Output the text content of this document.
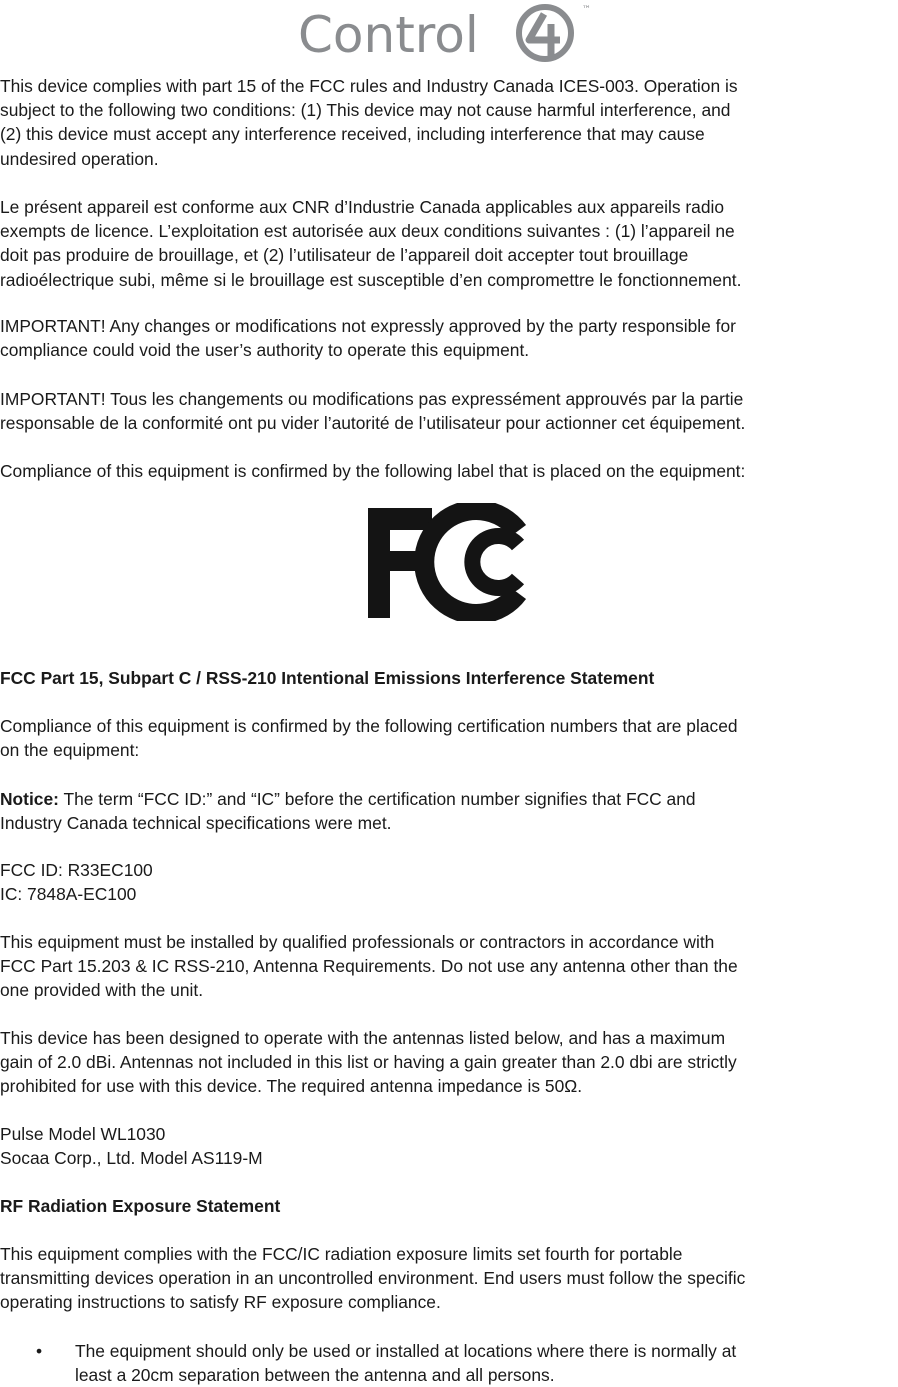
Control	™
This device complies with part 15 of the FCC rules and Industry Canada ICES-003. Operation is
subject to the following two conditions: (1) This device may not cause harmful interference, and
(2) this device must accept any interference received, including interference that may cause
undesired operation.
Le présent appareil est conforme aux CNR d’Industrie Canada applicables aux appareils radio
exempts de licence. L’exploitation est autorisée aux deux conditions suivantes : (1) l’appareil ne
doit pas produire de brouillage, et (2) l’utilisateur de l’appareil doit accepter tout brouillage
radioélectrique subi, même si le brouillage est susceptible d’en compromettre le fonctionnement.
IMPORTANT! Any changes or modifications not expressly approved by the party responsible for
compliance could void the user’s authority to operate this equipment.
IMPORTANT! Tous les changements ou modifications pas expressément approuvés par la partie
responsable de la conformité ont pu vider l’autorité de l’utilisateur pour actionner cet équipement.
Compliance of this equipment is confirmed by the following label that is placed on the equipment:
FCC Part 15, Subpart C / RSS-210 Intentional Emissions Interference Statement
Compliance of this equipment is confirmed by the following certification numbers that are placed
on the equipment:
Notice: The term “FCC ID:” and “IC” before the certification number signifies that FCC and
Industry Canada technical specifications were met.
FCC ID: R33EC100
IC: 7848A-EC100
This equipment must be installed by qualified professionals or contractors in accordance with
FCC Part 15.203 & IC RSS-210, Antenna Requirements. Do not use any antenna other than the
one provided with the unit.
This device has been designed to operate with the antennas listed below, and has a maximum
gain of 2.0 dBi. Antennas not included in this list or having a gain greater than 2.0 dbi are strictly
prohibited for use with this device. The required antenna impedance is 50Ω.
Pulse Model WL1030
Socaa Corp., Ltd. Model AS119-M
RF Radiation Exposure Statement
This equipment complies with the FCC/IC radiation exposure limits set fourth for portable
transmitting devices operation in an uncontrolled environment. End users must follow the specific
operating instructions to satisfy RF exposure compliance.
• The equipment should only be used or installed at locations where there is normally at
least a 20cm separation between the antenna and all persons.
